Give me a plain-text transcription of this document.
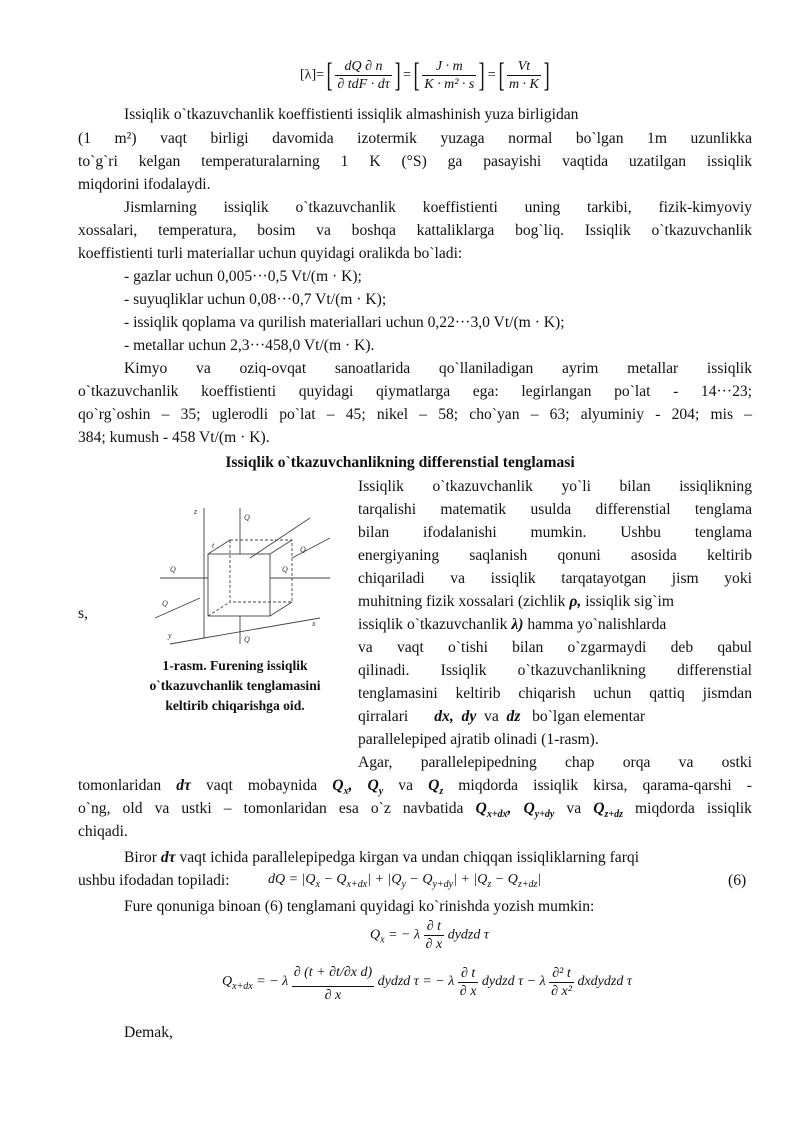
$[\lambda]=[ \frac{dQ \partial n}{\text{∂ tdF · dτ}}$ ] =[ $\frac{J \cdot m}{\text{K · m² · s}}$ ] =[ $\frac{Vt}{m \cdot K}$ ]
Issiqlik o`tkazuvchanlik koeffistienti issiqlik almashinish yuza birligidan
(1 m²) vaqt birligi davomida izotermik yuzaga normal bo`lgan 1m uzunlikka
to`g`ri kelgan temperaturalarning 1 K (°S) ga pasayishi vaqtida uzatilgan issiqlik
miqdorini ifodalaydi.
Jismlarning issiqlik o`tkazuvchanlik koeffistienti uning tarkibi, fizik-kimyoviy
xossalari, temperatura, bosim va boshqa kattaliklarga bog`liq. Issiqlik o`tkazuvchanlik
koeffistienti turli materiallar uchun quyidagi oralikda bo`ladi:
- gazlar uchun 0,005···0,5 Vt/(m · K);
- suyuqliklar uchun 0,08···0,7 Vt/(m · K);
- issiqlik qoplama va qurilish materiallari uchun 0,22···3,0 Vt/(m · K);
- metallar uchun 2,3···458,0 Vt/(m · K).
Kimyo va oziq-ovqat sanoatlarida qo`llaniladigan ayrim metallar issiqlik
o`tkazuvchanlik koeffistienti quyidagi qiymatlarga ega: legirlangan po`lat - 14···23;
qo`rg`oshin – 35; uglerodli po`lat – 45; nikel – 58; cho`yan – 63; alyuminiy - 204; mis –
384; kumush - 458 Vt/(m · K).
Issiqlik o`tkazuvchanlikning differenstial tenglamasi
Issiqlik o`tkazuvchanlik yo`li bilan issiqlikning
tarqalishi matematik usulda differenstial tenglama
bilan ifodalanishi mumkin. Ushbu tenglama
energiyaning saqlanish qonuni asosida keltirib
chiqariladi va issiqlik tarqatayotgan jism yoki
muhitning fizik xossalari (zichlik ρ, issiqlik sig`im
issiqlik o`tkazuvchanlik λ) hamma yo`nalishlarda
va vaqt o`tishi bilan o`zgarmaydi deb qabul
qilinadi. Issiqlik o`tkazuvchanlikning differenstial
tenglamasini keltirib chiqarish uchun qattiq jismdan
qirralari dx, dy va dz bo`lgan elementar
parallelepiped ajratib olinadi (1-rasm).
Agar, parallelepipedning chap orqa va ostki
s,
z
Q
Q	Q
Q
Q
Q
x
y
t
1-rasm. Furening issiqlik
o`tkazuvchanlik tenglamasini
keltirib chiqarishga oid.
tomonlaridan dτ vaqt mobaynida $Q_x$, $Q_y$ va $Q_z$ miqdorda issiqlik kirsa, qarama-qarshi -
o`ng, old va ustki – tomonlaridan esa o`z navbatida $Q_{x+dx}$, $Q_{y+dy}$ va $Q_{z+dz}$ miqdorda issiqlik
chiqadi.
Biror dτ vaqt ichida parallelepipedga kirgan va undan chiqqan issiqliklarning farqi
ushbu ifodadan topiladi:	dQ = $|Q_x - Q_{x+dx}| + |Q_y - Q_{y+dy}| + |Q_z - Q_{z+dz}|$	(6)
Fure qonuniga binoan (6) tenglamani quyidagi ko`rinishda yozish mumkin:
$Q_x$ = − λ $\frac{\partial t}{\partial x}$ dydzd τ
$Q_{x+dx}$ = − λ $\frac{\text{∂ (t + ∂t/∂x d)}}{\partial x}$ dydzd τ = − λ $\frac{\partial t}{\partial x}$ dydzd τ − λ $\frac{\text{∂² t}}{\text{∂ x²}}$ dxdydzd τ
Demak,
